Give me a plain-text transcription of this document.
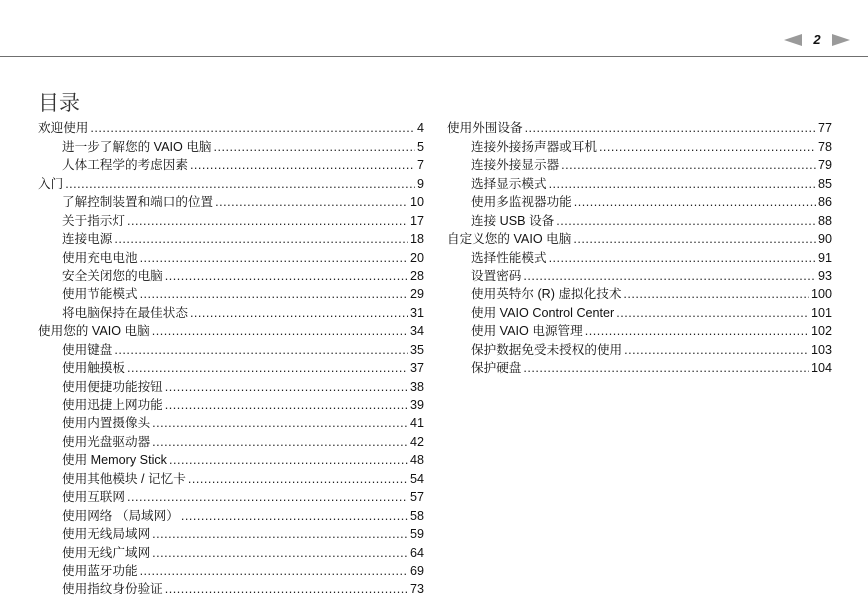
2
目录
欢迎使用 .....	4
进一步了解您的 VAIO 电脑 .....	5
人体工程学的考虑因素 .....	7
入门 .....	9
了解控制装置和端口的位置 .....	10
关于指示灯 .....	17
连接电源 .....	18
使用充电电池 .....	20
安全关闭您的电脑 .....	28
使用节能模式 .....	29
将电脑保持在最佳状态 .....	31
使用您的 VAIO 电脑 .....	34
使用键盘 .....	35
使用触摸板 .....	37
使用便捷功能按钮 .....	38
使用迅捷上网功能 .....	39
使用内置摄像头 .....	41
使用光盘驱动器 .....	42
使用 Memory Stick .....	48
使用其他模块 / 记忆卡 .....	54
使用互联网 .....	57
使用网络 （局域网） .....	58
使用无线局域网 .....	59
使用无线广域网 .....	64
使用蓝牙功能 .....	69
使用指纹身份验证 .....	73
使用外围设备 .....	77
连接外接扬声器或耳机 .....	78
连接外接显示器 .....	79
选择显示模式 .....	85
使用多监视器功能 .....	86
连接 USB 设备 .....	88
自定义您的 VAIO 电脑 .....	90
选择性能模式 .....	91
设置密码 .....	93
使用英特尔 (R) 虚拟化技术 .....	100
使用 VAIO Control Center .....	101
使用 VAIO 电源管理 .....	102
保护数据免受未授权的使用 .....	103
保护硬盘 .....	104
